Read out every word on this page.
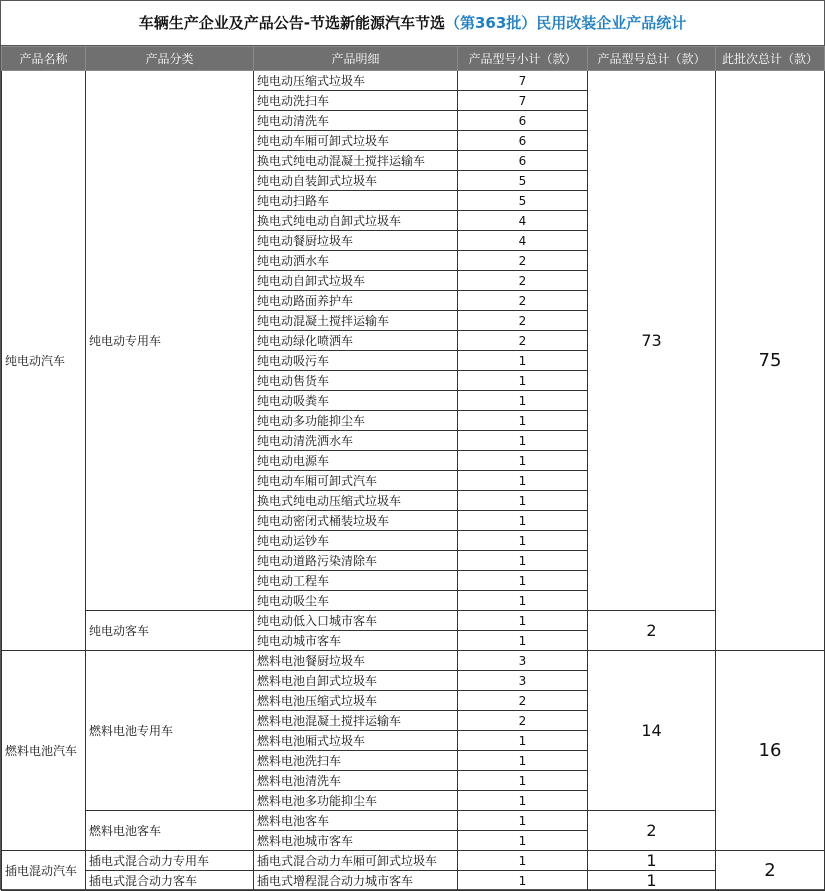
车辆生产企业及产品公告-节选新能源汽车节选（第363批）民用改装企业产品统计
产品名称	产品分类	产品明细	产品型号小计（款）	产品型号总计（款）	此批次总计（款）
纯电动汽车	纯电动专用车	纯电动压缩式垃圾车	7	73	75
		纯电动洗扫车	7		
		纯电动清洗车	6		
		纯电动车厢可卸式垃圾车	6		
		换电式纯电动混凝土搅拌运输车	6		
		纯电动自装卸式垃圾车	5		
		纯电动扫路车	5		
		换电式纯电动自卸式垃圾车	4		
		纯电动餐厨垃圾车	4		
		纯电动洒水车	2		
		纯电动自卸式垃圾车	2		
		纯电动路面养护车	2		
		纯电动混凝土搅拌运输车	2		
		纯电动绿化喷洒车	2		
		纯电动吸污车	1		
		纯电动售货车	1		
		纯电动吸粪车	1		
		纯电动多功能抑尘车	1		
		纯电动清洗洒水车	1		
		纯电动电源车	1		
		纯电动车厢可卸式汽车	1		
		换电式纯电动压缩式垃圾车	1		
		纯电动密闭式桶装垃圾车	1		
		纯电动运钞车	1		
		纯电动道路污染清除车	1		
		纯电动工程车	1		
		纯电动吸尘车	1		
	纯电动客车	纯电动低入口城市客车	1	2	
		纯电动城市客车	1		
燃料电池汽车	燃料电池专用车	燃料电池餐厨垃圾车	3	14	16
		燃料电池自卸式垃圾车	3		
		燃料电池压缩式垃圾车	2		
		燃料电池混凝土搅拌运输车	2		
		燃料电池厢式垃圾车	1		
		燃料电池洗扫车	1		
		燃料电池清洗车	1		
		燃料电池多功能抑尘车	1		
	燃料电池客车	燃料电池客车	1	2	
		燃料电池城市客车	1		
插电混动汽车	插电式混合动力专用车	插电式混合动力车厢可卸式垃圾车	1	1	2
	插电式混合动力客车	插电式增程混合动力城市客车	1	1	
